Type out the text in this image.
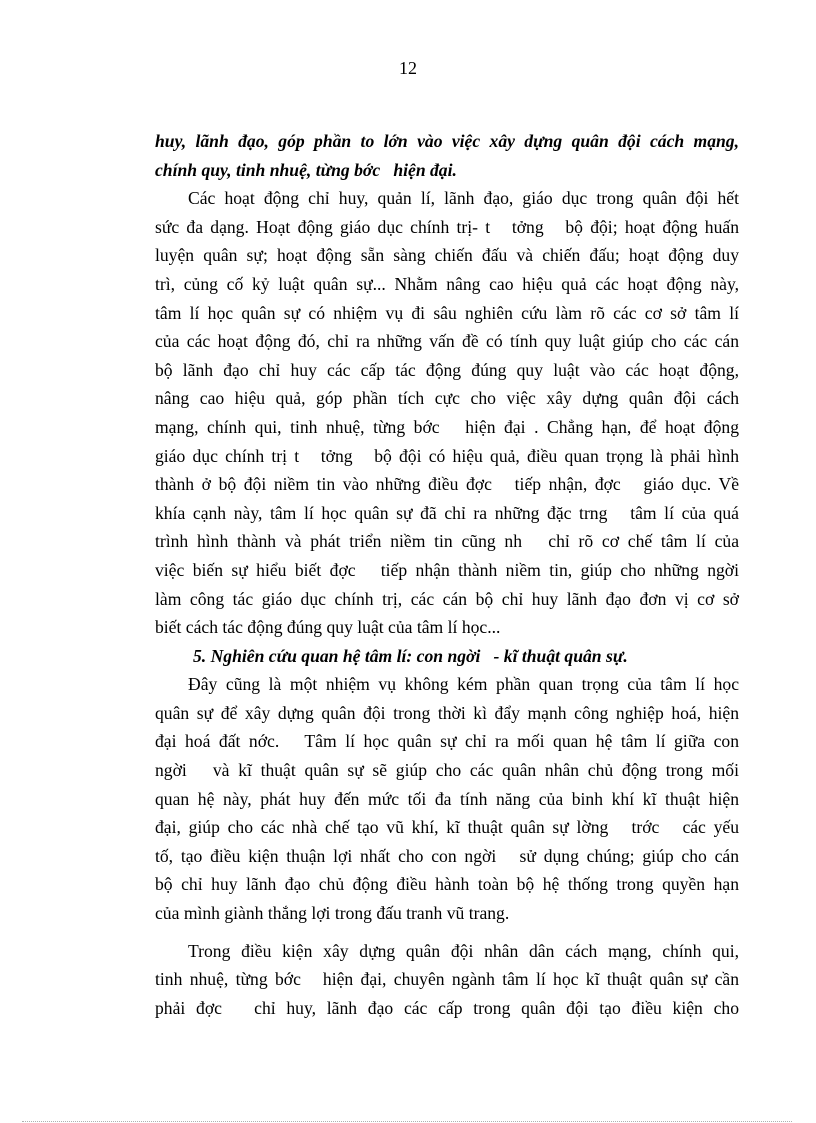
12
huy, lãnh đạo, góp phần to lớn vào việc xây dựng quân đội cách mạng,
chính quy, tinh nhuệ, từng bớc   hiện đại.
Các hoạt động chỉ huy, quản lí, lãnh đạo, giáo dục trong quân đội hết
sức đa dạng. Hoạt động giáo dục chính trị- t   tởng   bộ đội; hoạt động huấn
luyện quân sự; hoạt động sẵn sàng chiến đấu và chiến đấu; hoạt động duy
trì, củng cố kỷ luật quân sự... Nhằm nâng cao hiệu quả các hoạt động này,
tâm lí học quân sự có nhiệm vụ đi sâu nghiên cứu làm rõ các cơ sở tâm lí
của các hoạt động đó, chỉ ra những vấn đề có tính quy luật giúp cho các cán
bộ lãnh đạo chỉ huy các cấp tác động đúng quy luật vào các hoạt động,
nâng cao hiệu quả, góp phần tích cực cho việc xây dựng quân đội cách
mạng, chính qui, tinh nhuệ, từng bớc   hiện đại . Chẳng hạn, để hoạt động
giáo dục chính trị t   tởng   bộ đội có hiệu quả, điều quan trọng là phải hình
thành ở bộ đội niềm tin vào những điều đợc   tiếp nhận, đợc   giáo dục. Về
khía cạnh này, tâm lí học quân sự đã chỉ ra những đặc trng   tâm lí của quá
trình hình thành và phát triển niềm tin cũng nh   chỉ rõ cơ chế tâm lí của
việc biến sự hiểu biết đợc   tiếp nhận thành niềm tin, giúp cho những ngời
làm công tác giáo dục chính trị, các cán bộ chỉ huy lãnh đạo đơn vị cơ sở
biết cách tác động đúng quy luật của tâm lí học...
5. Nghiên cứu quan hệ tâm lí: con ngời   - kĩ thuật quân sự.
Đây cũng là một nhiệm vụ không kém phần quan trọng của tâm lí học
quân sự để xây dựng quân đội trong thời kì đẩy mạnh công nghiệp hoá, hiện
đại hoá đất nớc.   Tâm lí học quân sự chỉ ra mối quan hệ tâm lí giữa con
ngời   và kĩ thuật quân sự sẽ giúp cho các quân nhân chủ động trong mối
quan hệ này, phát huy đến mức tối đa tính năng của binh khí kĩ thuật hiện
đại, giúp cho các nhà chế tạo vũ khí, kĩ thuật quân sự lờng   trớc   các yếu
tố, tạo điều kiện thuận lợi nhất cho con ngời   sử dụng chúng; giúp cho cán
bộ chỉ huy lãnh đạo chủ động điều hành toàn bộ hệ thống trong quyền hạn
của mình giành thắng lợi trong đấu tranh vũ trang.
Trong điều kiện xây dựng quân đội nhân dân cách mạng, chính qui,
tinh nhuệ, từng bớc   hiện đại, chuyên ngành tâm lí học kĩ thuật quân sự cần
phải đợc   chỉ huy, lãnh đạo các cấp trong quân đội tạo điều kiện cho
